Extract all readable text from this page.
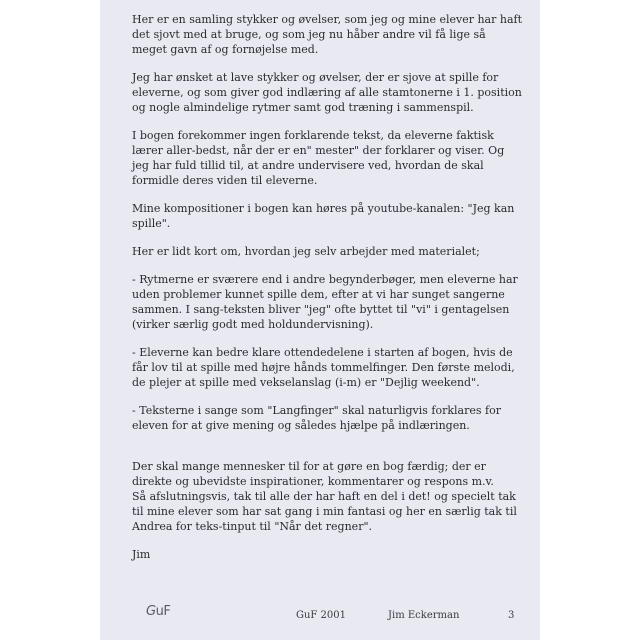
Her er en samling stykker og øvelser, som jeg og mine elever har haft det sjovt med at bruge, og som jeg nu håber andre vil få lige så meget gavn af og fornøjelse med.

Jeg har ønsket at lave stykker og øvelser, der er sjove at spille for eleverne, og som giver god indlæring af alle stamtonerne i 1. position og nogle almindelige rytmer samt god træning i sammenspil.

I bogen forekommer ingen forklarende tekst, da eleverne faktisk lærer aller-bedst, når der er en" mester" der forklarer og viser. Og jeg har fuld tillid til, at andre undervisere ved, hvordan de skal formidle deres viden til eleverne.

Mine kompositioner i bogen kan høres på youtube-kanalen: "Jeg kan spille".

Her er lidt kort om, hvordan jeg selv arbejder med materialet;

- Rytmerne er sværere end i andre begynderbøger, men eleverne har uden problemer kunnet spille dem, efter at vi har sunget sangerne sammen. I sang-teksten bliver "jeg" ofte byttet til "vi" i gentagelsen (virker særlig godt med holdundervisning).

- Eleverne kan bedre klare ottendedelene i starten af bogen, hvis de får lov til at spille med højre hånds tommelfinger. Den første melodi, de plejer at spille med vekselanslag (i-m) er "Dejlig weekend".

- Teksterne i sange som "Langfinger" skal naturligvis forklares for eleven for at give mening og således hjælpe på indlæringen.

Der skal mange mennesker til for at gøre en bog færdig; der er direkte og ubevidste inspirationer, kommentarer og respons m.v.
Så afslutningsvis, tak til alle der har haft en del i det! og specielt tak til mine elever som har sat gang i min fantasi og her en særlig tak til Andrea for teks-tinput til "Når det regner".

Jim

GuF	GuF 2001	Jim Eckerman	3
